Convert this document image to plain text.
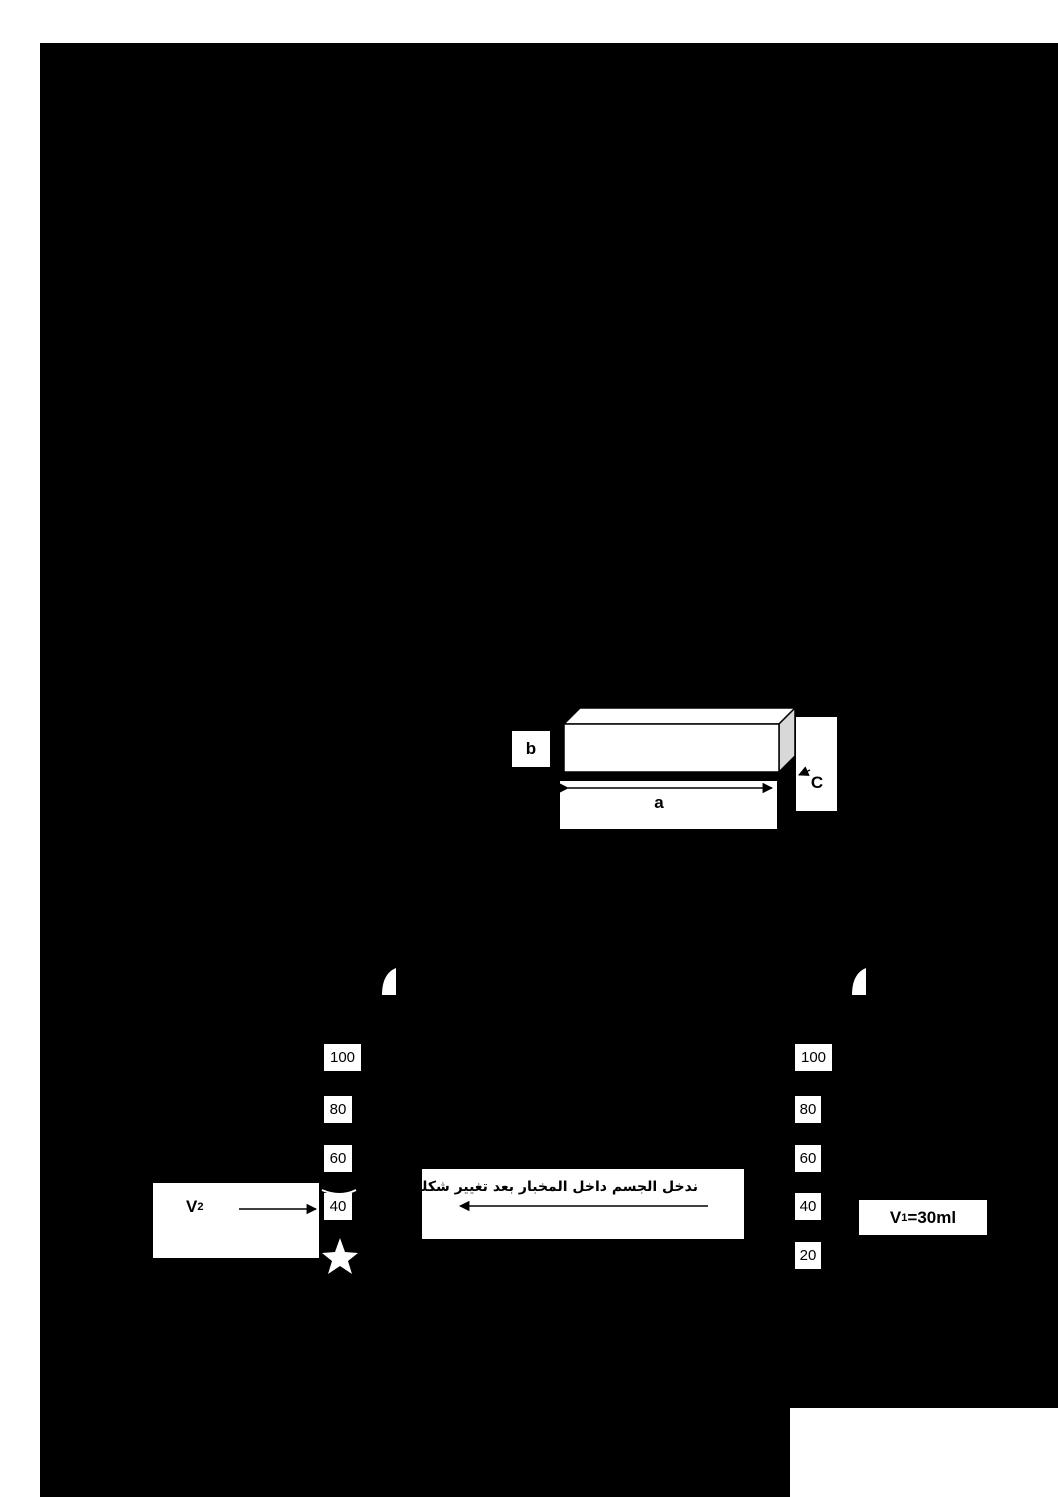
b
a
C
100
80
60
40
100
80
60
40
20
V 2
V 1 =30ml
ندخل الجسم داخل المخبار بعد تغيير شكله
